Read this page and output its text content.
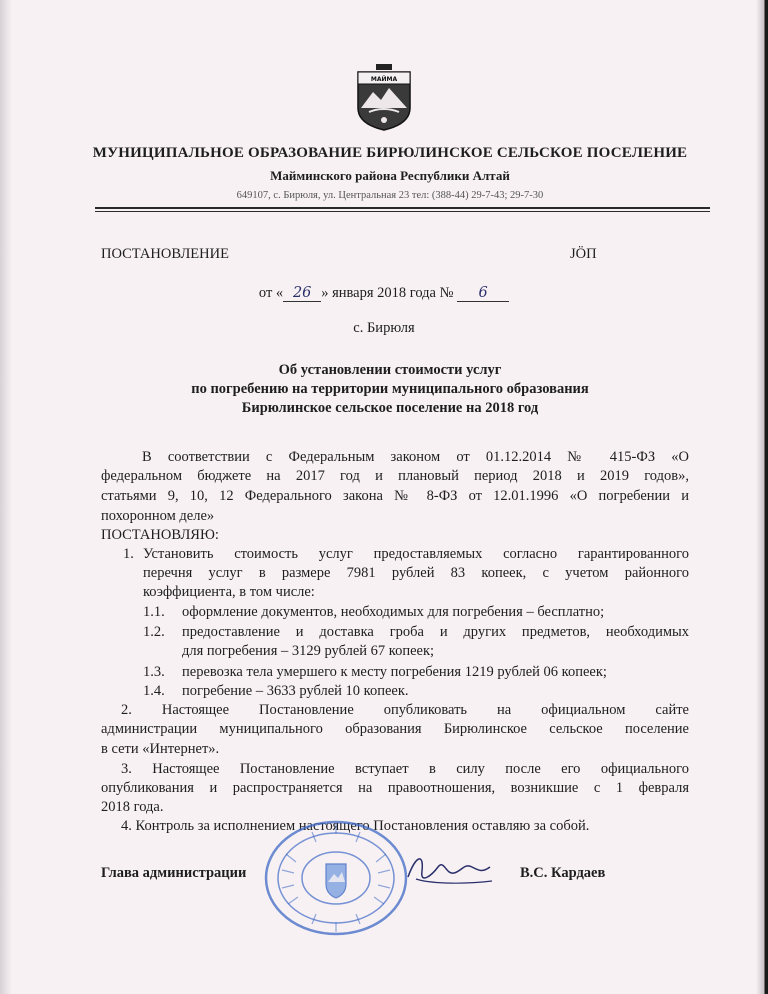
МАЙМА
МУНИЦИПАЛЬНОЕ ОБРАЗОВАНИЕ БИРЮЛИНСКОЕ СЕЛЬСКОЕ ПОСЕЛЕНИЕ
Майминского района Республики Алтай
649107, с. Бирюля, ул. Центральная 23 тел: (388-44) 29-7-43; 29-7-30
ПОСТАНОВЛЕНИЕ	JÖП
от « 26 » января 2018 года № 6
с. Бирюля
Об установлении стоимости услуг
по погребению на территории муниципального образования
Бирюлинское сельское поселение на 2018 год
В соответствии с Федеральным законом от 01.12.2014 № 415-ФЗ «О
федеральном бюджете на 2017 год и плановый период 2018 и 2019 годов»,
статьями 9, 10, 12 Федерального закона № 8-ФЗ от 12.01.1996 «О погребении и
похоронном деле»
ПОСТАНОВЛЯЮ:
1. Установить стоимость услуг предоставляемых согласно гарантированного
перечня услуг в размере 7981 рублей 83 копеек, с учетом районного
коэффициента, в том числе:
1.1. оформление документов, необходимых для погребения – бесплатно;
1.2. предоставление и доставка гроба и других предметов, необходимых
для погребения – 3129 рублей 67 копеек;
1.3. перевозка тела умершего к месту погребения 1219 рублей 06 копеек;
1.4. погребение – 3633 рублей 10 копеек.
2. Настоящее Постановление опубликовать на официальном сайте
администрации муниципального образования Бирюлинское сельское поселение
в сети «Интернет».
3. Настоящее Постановление вступает в силу после его официального
опубликования и распространяется на правоотношения, возникшие с 1 февраля
2018 года.
4. Контроль за исполнением настоящего Постановления оставляю за собой.
Глава администрации	В.С. Кардаев
